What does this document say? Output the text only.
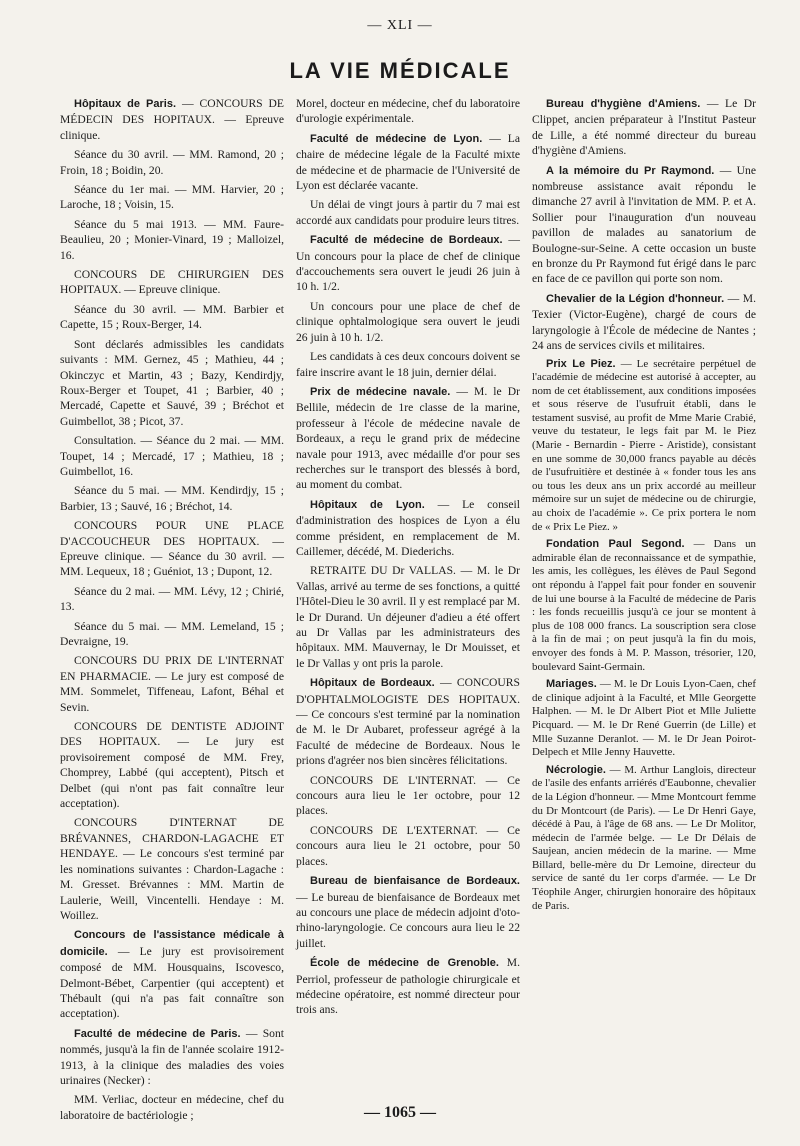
— XLI —
LA VIE MÉDICALE

Hôpitaux de Paris. — CONCOURS DE MÉDECIN DES HOPITAUX. — Epreuve clinique.

Séance du 30 avril. — MM. Ramond, 20 ; Froin, 18 ; Boidin, 20.

Séance du 1er mai. — MM. Harvier, 20 ; Laroche, 18 ; Voisin, 15.

Séance du 5 mai 1913. — MM. Faure-Beaulieu, 20 ; Monier-Vinard, 19 ; Malloizel, 16.

CONCOURS DE CHIRURGIEN DES HOPITAUX. — Epreuve clinique.

Séance du 30 avril. — MM. Barbier et Capette, 15 ; Roux-Berger, 14.

Sont déclarés admissibles les candidats suivants : MM. Gernez, 45 ; Mathieu, 44 ; Okinczyc et Martin, 43 ; Bazy, Kendirdjy, Roux-Berger et Toupet, 41 ; Barbier, 40 ; Mercadé, Capette et Sauvé, 39 ; Bréchot et Guimbellot, 38 ; Picot, 37.

Consultation. — Séance du 2 mai. — MM. Toupet, 14 ; Mercadé, 17 ; Mathieu, 18 ; Guimbellot, 16.

Séance du 5 mai. — MM. Kendirdjy, 15 ; Barbier, 13 ; Sauvé, 16 ; Bréchot, 14.

CONCOURS POUR UNE PLACE D'ACCOUCHEUR DES HOPITAUX. — Epreuve clinique. — Séance du 30 avril. — MM. Lequeux, 18 ; Guéniot, 13 ; Dupont, 12.

Séance du 2 mai. — MM. Lévy, 12 ; Chirié, 13.

Séance du 5 mai. — MM. Lemeland, 15 ; Devraigne, 19.

CONCOURS DU PRIX DE L'INTERNAT EN PHARMACIE. — Le jury est composé de MM. Sommelet, Tiffeneau, Lafont, Béhal et Sevin.

CONCOURS DE DENTISTE ADJOINT DES HOPITAUX. — Le jury est provisoirement composé de MM. Frey, Chomprey, Labbé (qui acceptent), Pitsch et Delbet (qui n'ont pas fait connaître leur acceptation).

CONCOURS D'INTERNAT DE BRÉVANNES, CHARDON-LAGACHE ET HENDAYE. — Le concours s'est terminé par les nominations suivantes : Chardon-Lagache : M. Gresset. Brévannes : MM. Martin de Laulerie, Weill, Vincentelli. Hendaye : M. Woillez.

Concours de l'assistance médicale à domicile. — Le jury est provisoirement composé de MM. Housquains, Iscovesco, Delmont-Bébet, Carpentier (qui acceptent) et Thébault (qui n'a pas fait connaître son acceptation).

Faculté de médecine de Paris. — Sont nommés, jusqu'à la fin de l'année scolaire 1912-1913, à la clinique des maladies des voies urinaires (Necker) :

MM. Verliac, docteur en médecine, chef du laboratoire de bactériologie ;

Morel, docteur en médecine, chef du laboratoire d'urologie expérimentale.

Faculté de médecine de Lyon. — La chaire de médecine légale de la Faculté mixte de médecine et de pharmacie de l'Université de Lyon est déclarée vacante.

Un délai de vingt jours à partir du 7 mai est accordé aux candidats pour produire leurs titres.

Faculté de médecine de Bordeaux. — Un concours pour la place de chef de clinique d'accouchements sera ouvert le jeudi 26 juin à 10 h. 1/2.

Un concours pour une place de chef de clinique ophtalmologique sera ouvert le jeudi 26 juin à 10 h. 1/2.

Les candidats à ces deux concours doivent se faire inscrire avant le 18 juin, dernier délai.

Prix de médecine navale. — M. le Dr Bellile, médecin de 1re classe de la marine, professeur à l'école de médecine navale de Bordeaux, a reçu le grand prix de médecine navale pour 1913, avec médaille d'or pour ses recherches sur le transport des blessés à bord, au moment du combat.

Hôpitaux de Lyon. — Le conseil d'administration des hospices de Lyon a élu comme président, en remplacement de M. Caillemer, décédé, M. Diederichs.

RETRAITE DU Dr VALLAS. — M. le Dr Vallas, arrivé au terme de ses fonctions, a quitté l'Hôtel-Dieu le 30 avril. Il y est remplacé par M. le Dr Durand. Un déjeuner d'adieu a été offert au Dr Vallas par les administrateurs des hôpitaux. MM. Mauvernay, le Dr Mouisset, et le Dr Vallas y ont pris la parole.

Hôpitaux de Bordeaux. — CONCOURS D'OPHTALMOLOGISTE DES HOPITAUX. — Ce concours s'est terminé par la nomination de M. le Dr Aubaret, professeur agrégé à la Faculté de médecine de Bordeaux. Nous le prions d'agréer nos bien sincères félicitations.

CONCOURS DE L'INTERNAT. — Ce concours aura lieu le 1er octobre, pour 12 places.

CONCOURS DE L'EXTERNAT. — Ce concours aura lieu le 21 octobre, pour 50 places.

Bureau de bienfaisance de Bordeaux. — Le bureau de bienfaisance de Bordeaux met au concours une place de médecin adjoint d'oto-rhino-laryngologie. Ce concours aura lieu le 22 juillet.

École de médecine de Grenoble. M. Perriol, professeur de pathologie chirurgicale et médecine opératoire, est nommé directeur pour trois ans.

Bureau d'hygiène d'Amiens. — Le Dr Clippet, ancien préparateur à l'Institut Pasteur de Lille, a été nommé directeur du bureau d'hygiène d'Amiens.

A la mémoire du Pr Raymond. — Une nombreuse assistance avait répondu le dimanche 27 avril à l'invitation de MM. P. et A. Sollier pour l'inauguration d'un nouveau pavillon de malades au sanatorium de Boulogne-sur-Seine. A cette occasion un buste en bronze du Pr Raymond fut érigé dans le parc en face de ce pavillon qui porte son nom.

Chevalier de la Légion d'honneur. — M. Texier (Victor-Eugène), chargé de cours de laryngologie à l'École de médecine de Nantes ; 24 ans de services civils et militaires.

Prix Le Piez. — Le secrétaire perpétuel de l'académie de médecine est autorisé à accepter, au nom de cet établissement, aux conditions imposées et sous réserve de l'usufruit établi, dans le testament susvisé, au profit de Mme Marie Crabié, veuve du testateur, le legs fait par M. le Piez (Marie - Bernardin - Pierre - Aristide), consistant en une somme de 30,000 francs payable au décès de l'usufruitière et destinée à « fonder tous les ans ou tous les deux ans un prix accordé au meilleur mémoire sur un sujet de médecine ou de chirurgie, au choix de l'académie ». Ce prix portera le nom de « Prix Le Piez. »

Fondation Paul Segond. — Dans un admirable élan de reconnaissance et de sympathie, les amis, les collègues, les élèves de Paul Segond ont répondu à l'appel fait pour fonder en souvenir de lui une bourse à la Faculté de médecine de Paris : les fonds recueillis jusqu'à ce jour se montent à plus de 108 000 francs. La souscription sera close à la fin de mai ; on peut jusqu'à la fin du mois, envoyer des fonds à M. P. Masson, trésorier, 120, boulevard Saint-Germain.

Mariages. — M. le Dr Louis Lyon-Caen, chef de clinique adjoint à la Faculté, et Mlle Georgette Halphen. — M. le Dr Albert Piot et Mlle Juliette Picquard. — M. le Dr René Guerrin (de Lille) et Mlle Suzanne Deranlot. — M. le Dr Jean Poirot-Delpech et Mlle Jenny Hauvette.

Nécrologie. — M. Arthur Langlois, directeur de l'asile des enfants arriérés d'Eaubonne, chevalier de la Légion d'honneur. — Mme Montcourt femme du Dr Montcourt (de Paris). — Le Dr Henri Gaye, décédé à Pau, à l'âge de 68 ans. — Le Dr Molitor, médecin de l'armée belge. — Le Dr Délais de Saujean, ancien médecin de la marine. — Mme Billard, belle-mère du Dr Lemoine, directeur du service de santé du 1er corps d'armée. — Le Dr Téophile Anger, chirurgien honoraire des hôpitaux de Paris.

— 1065 —
